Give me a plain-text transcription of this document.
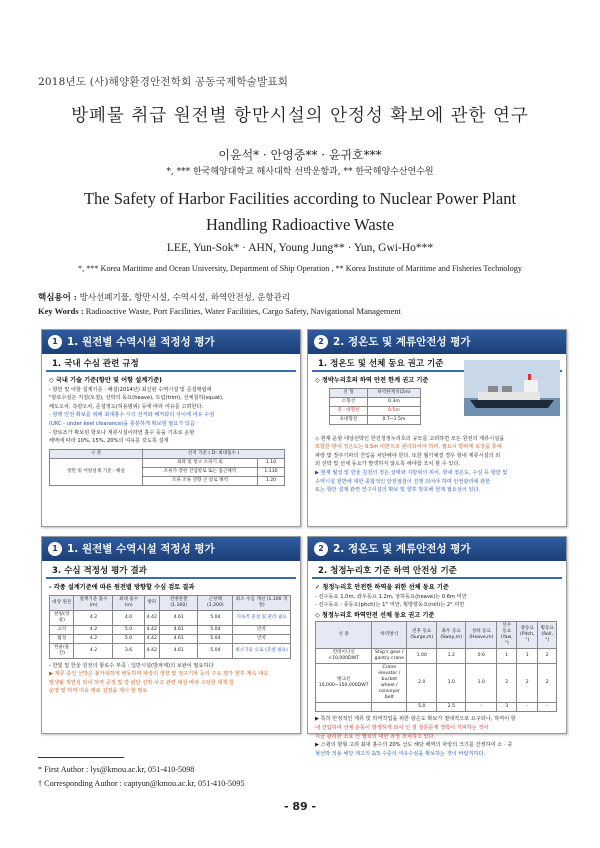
2018년도 (사)해양환경안전학회 공동국제학술발표회
방폐물 취급 원전별 항만시설의 안정성 확보에 관한 연구
이윤석* · 안영중** · 윤귀호***
*, *** 한국해양대학교 해사대학 선박운항과, ** 한국해양수산연수원
The Safety of Harbor Facilities according to Nuclear Power Plant
Handling Radioactive Waste
LEE, Yun-Sok* · AHN, Young Jung** · Yun, Gwi-Ho***
*, *** Korea Maritime and Ocean University, Department of Ship Operation , ** Korea Institute of Maritime and Fisheries Technology
핵심용어 : 방사선폐기물, 항만시설, 수역시설, 하역안전성, 운항관리
Key Words : Radioactive Waste, Port Facilities, Water Facilities, Cargo Safety, Navigational Management
1 1. 원전별 수역시설 적정성 평가
1. 국내 수심 관련 규정
◇ 국내 기술 기준(항만 및 어항 설계기준)
- 항만 및 어항 설계기준 : 해설(2014년) 최신판 수역시설 및 준설매립에
"항로수심은 저질(토질), 선박의 동요(heave), 트림(trim), 선체침하(squat),
해도오차, 측량오차, 준설정도(허용범위) 등에 따라 여유를 고려한다.
- 항행 안전 확보를 위해 최대흘수 시의 선저와 해저와의 사이에 여유 수심
(UKC - under keel clearance)을 충분하게 확보할 필요가 있음
- 항로조가 확보된 항로나 계류시설이라면 흘수 등을 기초로 운항
해역에 따라 10%, 15%, 20%의 여유를 갖도록 설계
구 분	선저 기준 ( D: 최대흘수 )	
항만 및 어항설계 기준 · 해설	외곽 및 항구 소파기 외	1.10
	조류가 강한 진입항로 또는 접근해역	1.130
	조류 조류 영향 큰 항로 해역	1.20
2 2. 정온도 및 계류안전성 평가
1. 정온도 및 선체 동요 권고 기준
◇ 정박누리호의 하역 안전 한계 권고 기준
선 형	하역한계치(2m)
소형선	0.3m
중 · 대형선	0.5m
초대형선	0.7~1.5m
◇ 현재 운항 대상선박인 한진청정누리호의 규모를 고려하면 모든 원전의 계류시설을
포함한 항내 정온도는 0.5m 미만으로 관리되어야 하며, 필요시 방파제 보강을 통해
파랑 및 장주기파의 진입을 차단해야 한다. 또한 월기체결 경우 항내 계류시설의 외
외 선박 및 선체 동요가 발생하지 않도록 해야함 조치 할 수 있다.
▶ 현재 월성 및 한울 원전의 정온 상태와 지방위의 위치, 항내 정온도, 수심 등 항만 및
수역시설 전반에 대한 종합적인 안전점검이 진행 되어야 하며 안전관리에 관한
또는 항만 설계 관련 연구시설의 확보 및 향후 방호해 현재 필요성이 있다.
1 1. 원전별 수역시설 적정성 평가
3. 수심 적정성 평가 결과
- 각종 설계기준에 따른 원전별 방향할 수심 검토 결과
대상 원전	설계기준 흘수 (m)	최대 흘수 (m)	방파	전방관찰 (1.160)	근항해 (1.200)	최소 수심 개선 (1.100 적정)
한빛(영광)	4.2	4.0	4.42	4.61	5.04	지속적 준설 및 관리 필요
고리	4.2	5.0	4.42	4.61	5.04	만족
월성	4.2	5.0	4.42	4.61	5.04	만족
한울(울진)	4.2	3.6	4.42	4.61	5.04	최소가동 으로 (준설 필요)
- 한빛 및 한울 원전의 항로수 부족 : 입반시설(방파제)의 보완이 필요하다
▶ 계류 중인 선박은 불가피하게 변동하며 파랑의 영향 및 전구기파 등의 주요 평가 향후 계속 대응
발생될 개연성 있어 하역 공정 및 강 판단 선박 사고 관련 대상 바라 수당한 대책 함
운영 및 하역 여유 재료 실정을 제시 할 필요
2 2. 정온도 및 계류안전성 평가
2. 청정누리호 기준 하역 안전성 기준
✓ 청정누리호 안전한 하역을 위한 선체 동요 기준
- 선수동요 1.0m, 좌우동요 1.2m, 상하동요(heave)는 0.6m 미만
- 선수동요 · 종동요(pitch)는 1° 미만, 횡방향동요(roll)는 2° 미만
◇ 청정누리호 하역안전 선체 동요 권고 기준
선 종	하역방식	전후 동요 (Surge,m)	좌우 동요 (Sway,m)	상하 동요 (Heave,m)	선수 동요 (Yaw,°)	종동요 (Pitch,°)	횡동요 (Roll,°)
컨테이너선 <10,000DWT	Ship's gear / gantry crane	1.00	1.2	0.6	1	1	2
벌크선 10,000~150,000DWT	Crane elevator / bucket wheel / conveyor belt	2.0	1.0	1.0	2	2	2
		5.0	2.5	-	3	-	-
▶ 특히 안정적인 계류 및 하역작업을 위한 항은도 확보가 절대적으로 요구되나, 하역이 항
내 진입하여 선체 운동이 발생하게 되어 인 질 질문문제 정박이 기피하는 것이
지금 관리한 소요 선 별로의 대한 과정 조치하고 있다.
▶ 스윙의 항형 고려 최대 흘수의 20% 선도 해당 해역의 파랑의 크기를 산정하여 소 · 중
형선박 적용 해당 재고의 2/3 수준의 여유수심을 확보하는 것이 바람직하다.
* First Author : lys@kmou.ac.kr, 051-410-5098
† Corresponding Author : captyun@kmou.ac.kr, 051-410-5095
- 89 -
